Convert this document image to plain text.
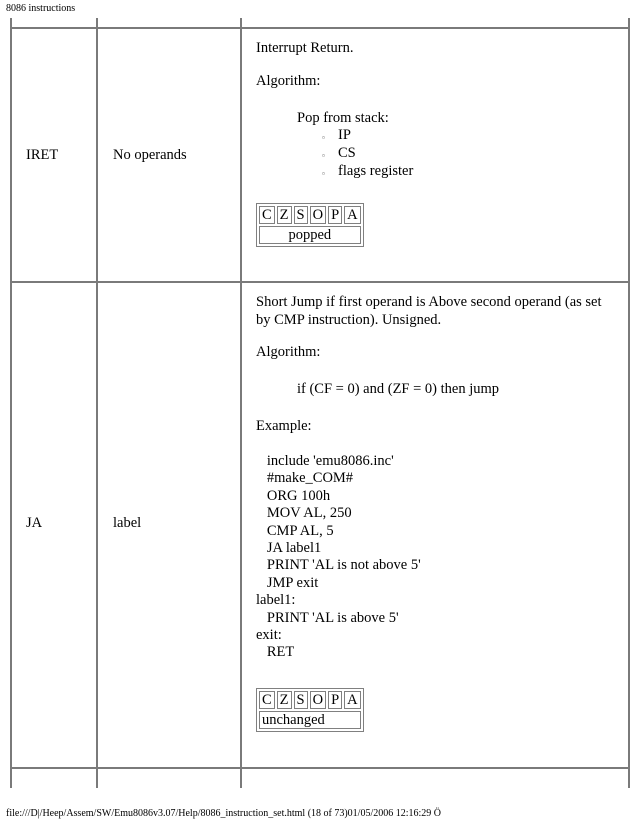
8086 instructions
IRET	No operands
Interrupt Return.
Algorithm:
Pop from stack:
▫ IP
▫ CS
▫ flags register
C	Z	S	O	P	A
popped
JA	label
Short Jump if first operand is Above second operand (as set
by CMP instruction). Unsigned.
Algorithm:
if (CF = 0) and (ZF = 0) then jump
Example:
include 'emu8086.inc'
#make_COM#
ORG 100h
MOV AL, 250
CMP AL, 5
JA label1
PRINT 'AL is not above 5'
JMP exit
label1:
PRINT 'AL is above 5'
exit:
RET
C	Z	S	O	P	A
unchanged
file:///D|/Heep/Assem/SW/Emu8086v3.07/Help/8086_instruction_set.html (18 of 73)01/05/2006 12:16:29 Ö
